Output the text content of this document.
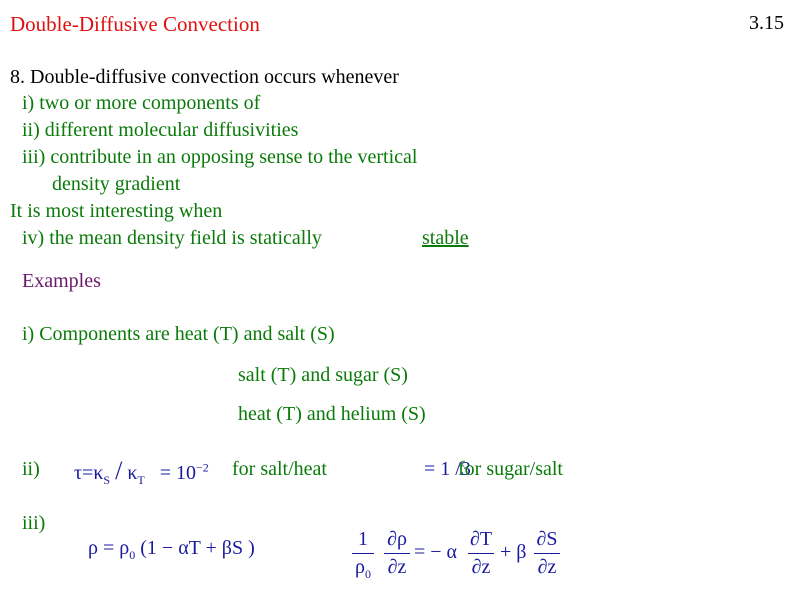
Double-Diffusive Convection	3.15
8. Double-diffusive convection occurs whenever
i) two or more components of
ii) different molecular diffusivities
iii) contribute in an opposing sense to the vertical
density gradient
It is most interesting when
iv) the mean density field is statically	stable
Examples
i) Components are heat (T) and salt (S)
salt (T) and sugar (S)
heat (T) and helium (S)
ii) $\tau=\kappa_S / \kappa_T = 10^{-2}$ for salt/heat	= 1 /3
for sugar/salt
iii)
$\rho = \rho_0$ (1 − αT + βS )	1
$\rho_0$
∂ρ
∂z
= − α
∂T
∂z
+ β
∂S
∂z
